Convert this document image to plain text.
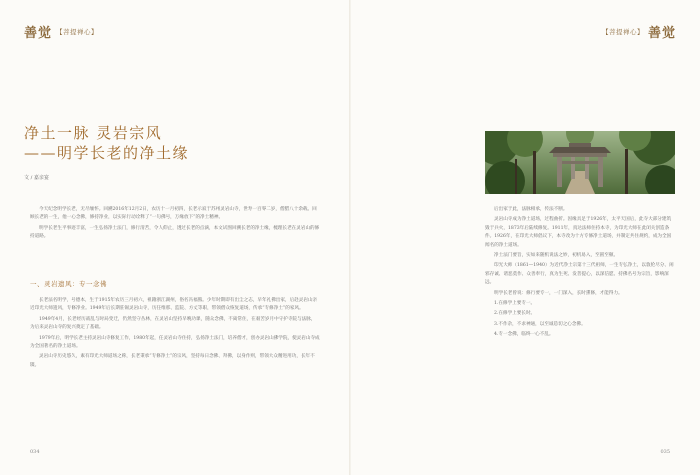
善觉 【菩提禅心】	【菩提禅心】 善觉
净土一脉 灵岩宗风
——明学长老的净土缘
文 / 嘉亲宴

今天纪念明学长老，无尽缅怀。回溯2016年12月2日，农历十一月初四，长老示寂于苏州灵岩山寺，世寿一百零二岁，僧腊八十余载。回顾长老的一生，他一心念佛，修持净业，以实际行动诠释了“一句佛号，万缘放下”的净土精神。

明学长老生平事迹丰富，一生弘扬净土法门，修行清苦，令人仰止，透过长老的点滴，本文试图回溯长老的净土缘，梳理长老在灵岩山的修持道路。

一、灵岩遗风：专一念佛

长老法名明学，号德本，生于1915年农历三月初六，祖籍浙江湖州，俗名冯福熊。少年时期即有出尘之志，早年礼佛出家，后赴灵岩山亲近印光大师遗风，专修净业。1949年后长期驻锡灵岩山寺，历任维那、监院、方丈等职，带领僧众恢复道场，传承“专修净土”的家风。

1949年4月，长老经历战乱与时局变迁，仍然坚守丛林，在灵岩山坚持早晚功课，随众念佛，不离常住，在艰苦岁月中守护寺院与法脉，为后来灵岩山寺的复兴奠定了基础。

1979年后，明学长老主持灵岩山寺修复工作，1980年起，任灵岩山寺住持，弘扬净土法门，培养僧才，创办灵岩山佛学院，使灵岩山寺成为全国著名的净土道场。

灵岩山寺历史悠久，素有印光大师道场之称，长老秉承“专修净土”的宗风，坚持每日念佛、拜佛，以身作则，带领大众精进用功，长年不辍。

后出家于此，法脉相承，传法不断。

灵岩山寺成为净土道场，过程曲折。因缘具足于1926年，太平天国后，此寺大部分建筑毁于兵火，1873年后陆续修复。1911年，真达法师住持本寺，为印光大师在此闭关创造条件。1926年，在印光大师倡议下，本寺改为十方专修净土道场，并制定共住规约，成为全国闻名的净土道场。

净土法门要旨，实如来随机说法之妙，初机易入，至圆至顿。

印光大师（1861—1940）为近代净土宗第十三代祖师，一生专弘净土，以敦伦尽分、闲邪存诚、诸恶莫作、众善奉行，真为生死、发菩提心，以深信愿、持佛名号为宗旨，影响深远。

明学长老曾说：修行要专一，一门深入，长时熏修，才能得力。

1.在修学上要专一。

2.在修学上要长时。

3.不作杂，不求神通，以至诚恳切之心念佛。

4.专一念佛，临终一心不乱。

034	035
